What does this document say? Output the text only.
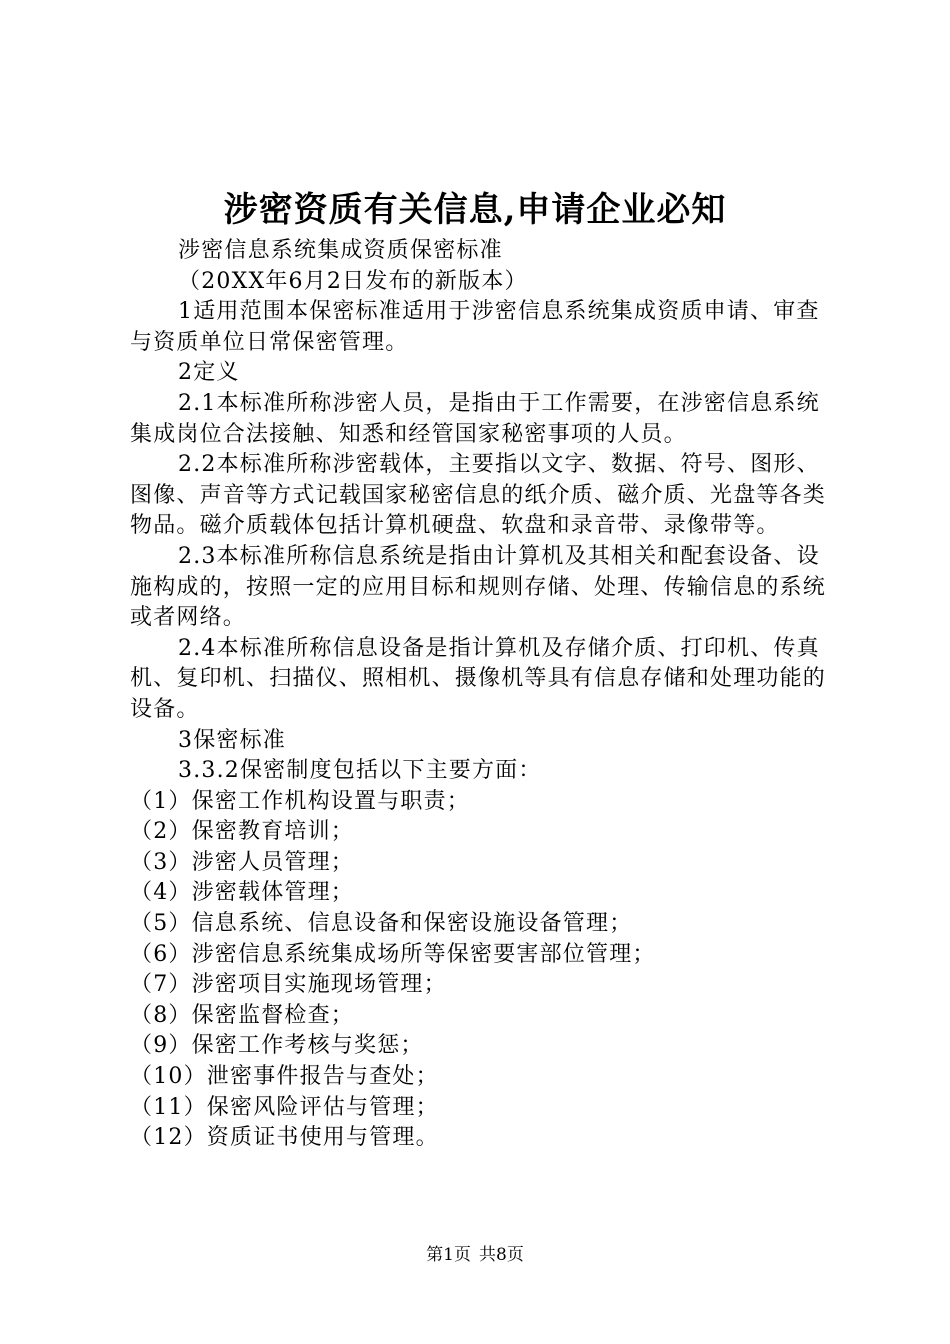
涉密资质有关信息,申请企业必知

涉密信息系统集成资质保密标准

（20XX年6月2日发布的新版本）

1适用范围本保密标准适用于涉密信息系统集成资质申请、审查与资质单位日常保密管理。

2定义

2.1本标准所称涉密人员，是指由于工作需要，在涉密信息系统集成岗位合法接触、知悉和经管国家秘密事项的人员。

2.2本标准所称涉密载体，主要指以文字、数据、符号、图形、图像、声音等方式记载国家秘密信息的纸介质、磁介质、光盘等各类物品。磁介质载体包括计算机硬盘、软盘和录音带、录像带等。

2.3本标准所称信息系统是指由计算机及其相关和配套设备、设施构成的，按照一定的应用目标和规则存储、处理、传输信息的系统或者网络。

2.4本标准所称信息设备是指计算机及存储介质、打印机、传真机、复印机、扫描仪、照相机、摄像机等具有信息存储和处理功能的设备。

3保密标准

3.3.2保密制度包括以下主要方面：

（1）保密工作机构设置与职责；

（2）保密教育培训；

（3）涉密人员管理；

（4）涉密载体管理；

（5）信息系统、信息设备和保密设施设备管理；

（6）涉密信息系统集成场所等保密要害部位管理；

（7）涉密项目实施现场管理；

（8）保密监督检查；

（9）保密工作考核与奖惩；

（10）泄密事件报告与查处；

（11）保密风险评估与管理；

（12）资质证书使用与管理。

第1页 共8页
